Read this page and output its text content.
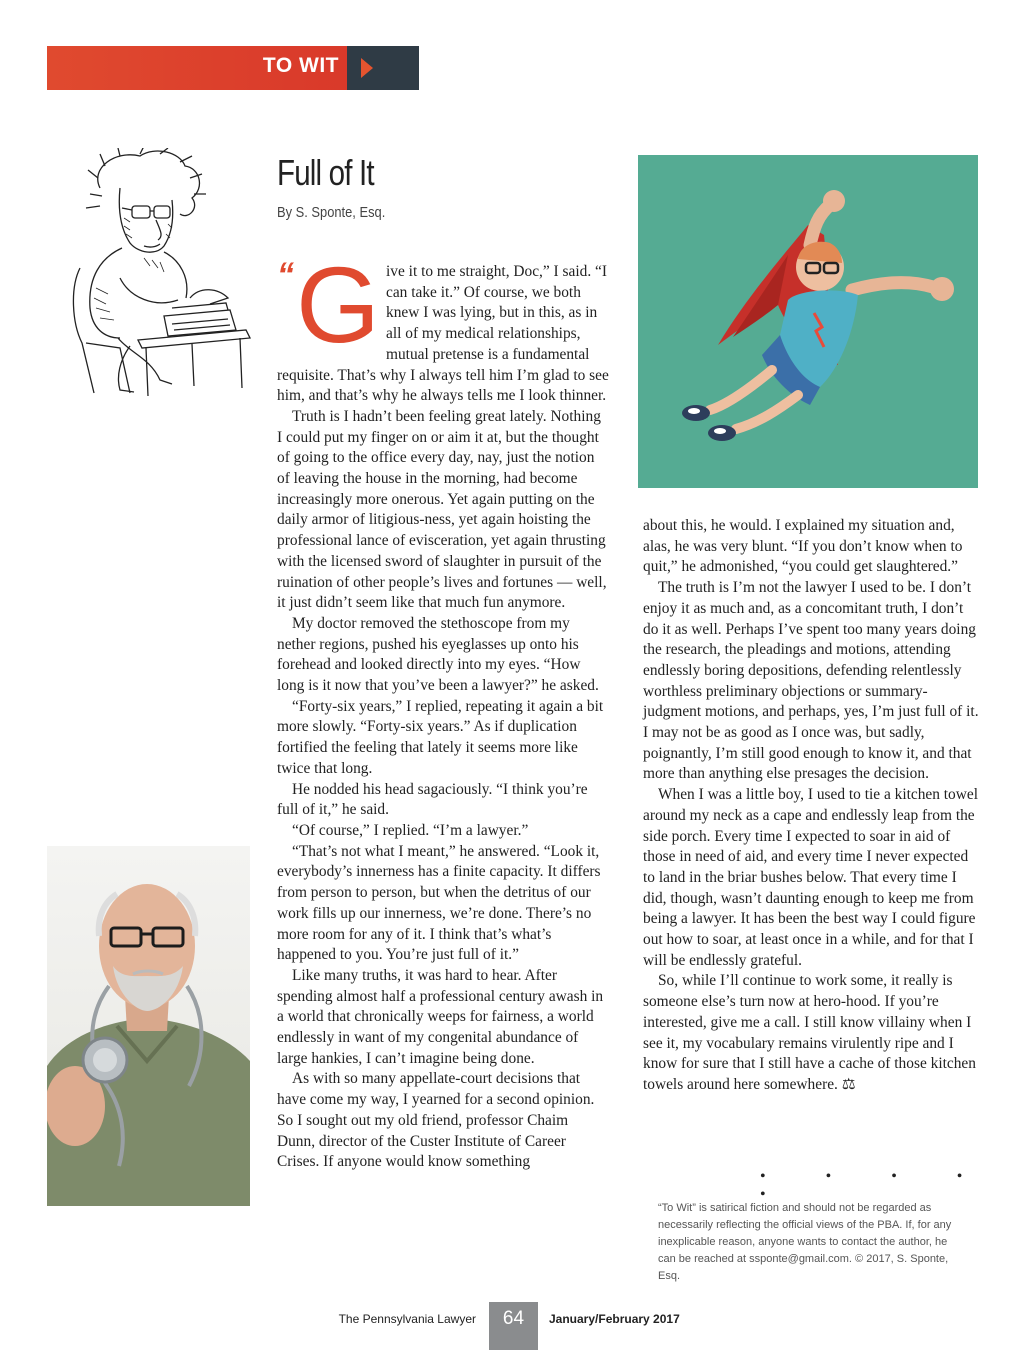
TO WIT
Full of It
By S. Sponte, Esq.

“ G ive it to me straight, Doc,” I said. “I can take it.” Of course, we both knew I was lying, but in this, as in all of my medical relationships, mutual pretense is a fundamental requisite. That’s why I always tell him I’m glad to see him, and that’s why he always tells me I look thinner.

Truth is I hadn’t been feeling great lately. Nothing I could put my finger on or aim it at, but the thought of going to the office every day, nay, just the notion of leaving the house in the morning, had become increasingly more onerous. Yet again putting on the daily armor of litigious-ness, yet again hoisting the professional lance of evisceration, yet again thrusting with the licensed sword of slaughter in pursuit of the ruination of other people’s lives and fortunes — well, it just didn’t seem like that much fun anymore.

My doctor removed the stethoscope from my nether regions, pushed his eyeglasses up onto his forehead and looked directly into my eyes. “How long is it now that you’ve been a lawyer?” he asked.

“Forty-six years,” I replied, repeating it again a bit more slowly. “Forty-six years.” As if duplication fortified the feeling that lately it seems more like twice that long.

He nodded his head sagaciously. “I think you’re full of it,” he said.

“Of course,” I replied. “I’m a lawyer.”

“That’s not what I meant,” he answered. “Look it, everybody’s innerness has a finite capacity. It differs from person to person, but when the detritus of our work fills up our innerness, we’re done. There’s no more room for any of it. I think that’s what’s happened to you. You’re just full of it.”

Like many truths, it was hard to hear. After spending almost half a professional century awash in a world that chronically weeps for fairness, a world endlessly in want of my congenital abundance of large hankies, I can’t imagine being done.

As with so many appellate-court decisions that have come my way, I yearned for a second opinion. So I sought out my old friend, professor Chaim Dunn, director of the Custer Institute of Career Crises. If anyone would know something

about this, he would. I explained my situation and, alas, he was very blunt. “If you don’t know when to quit,” he admonished, “you could get slaughtered.”

The truth is I’m not the lawyer I used to be. I don’t enjoy it as much and, as a concomitant truth, I don’t do it as well. Perhaps I’ve spent too many years doing the research, the pleadings and motions, attending endlessly boring depositions, defending relentlessly worthless preliminary objections or summary-judgment motions, and perhaps, yes, I’m just full of it. I may not be as good as I once was, but sadly, poignantly, I’m still good enough to know it, and that more than anything else presages the decision.

When I was a little boy, I used to tie a kitchen towel around my neck as a cape and endlessly leap from the side porch. Every time I expected to soar in aid of those in need of aid, and every time I never expected to land in the briar bushes below. That every time I did, though, wasn’t daunting enough to keep me from being a lawyer. It has been the best way I could figure out how to soar, at least once in a while, and for that I will be endlessly grateful.

So, while I’ll continue to work some, it really is someone else’s turn now at hero-hood. If you’re interested, give me a call. I still know villainy when I see it, my vocabulary remains virulently ripe and I know for sure that I still have a cache of those kitchen towels around here somewhere. ⚖

• • • • •

“To Wit” is satirical fiction and should not be regarded as necessarily reflecting the official views of the PBA. If, for any inexplicable reason, anyone wants to contact the author, he can be reached at ssponte@gmail.com. © 2017, S. Sponte, Esq.

The Pennsylvania Lawyer	64	January/February 2017
